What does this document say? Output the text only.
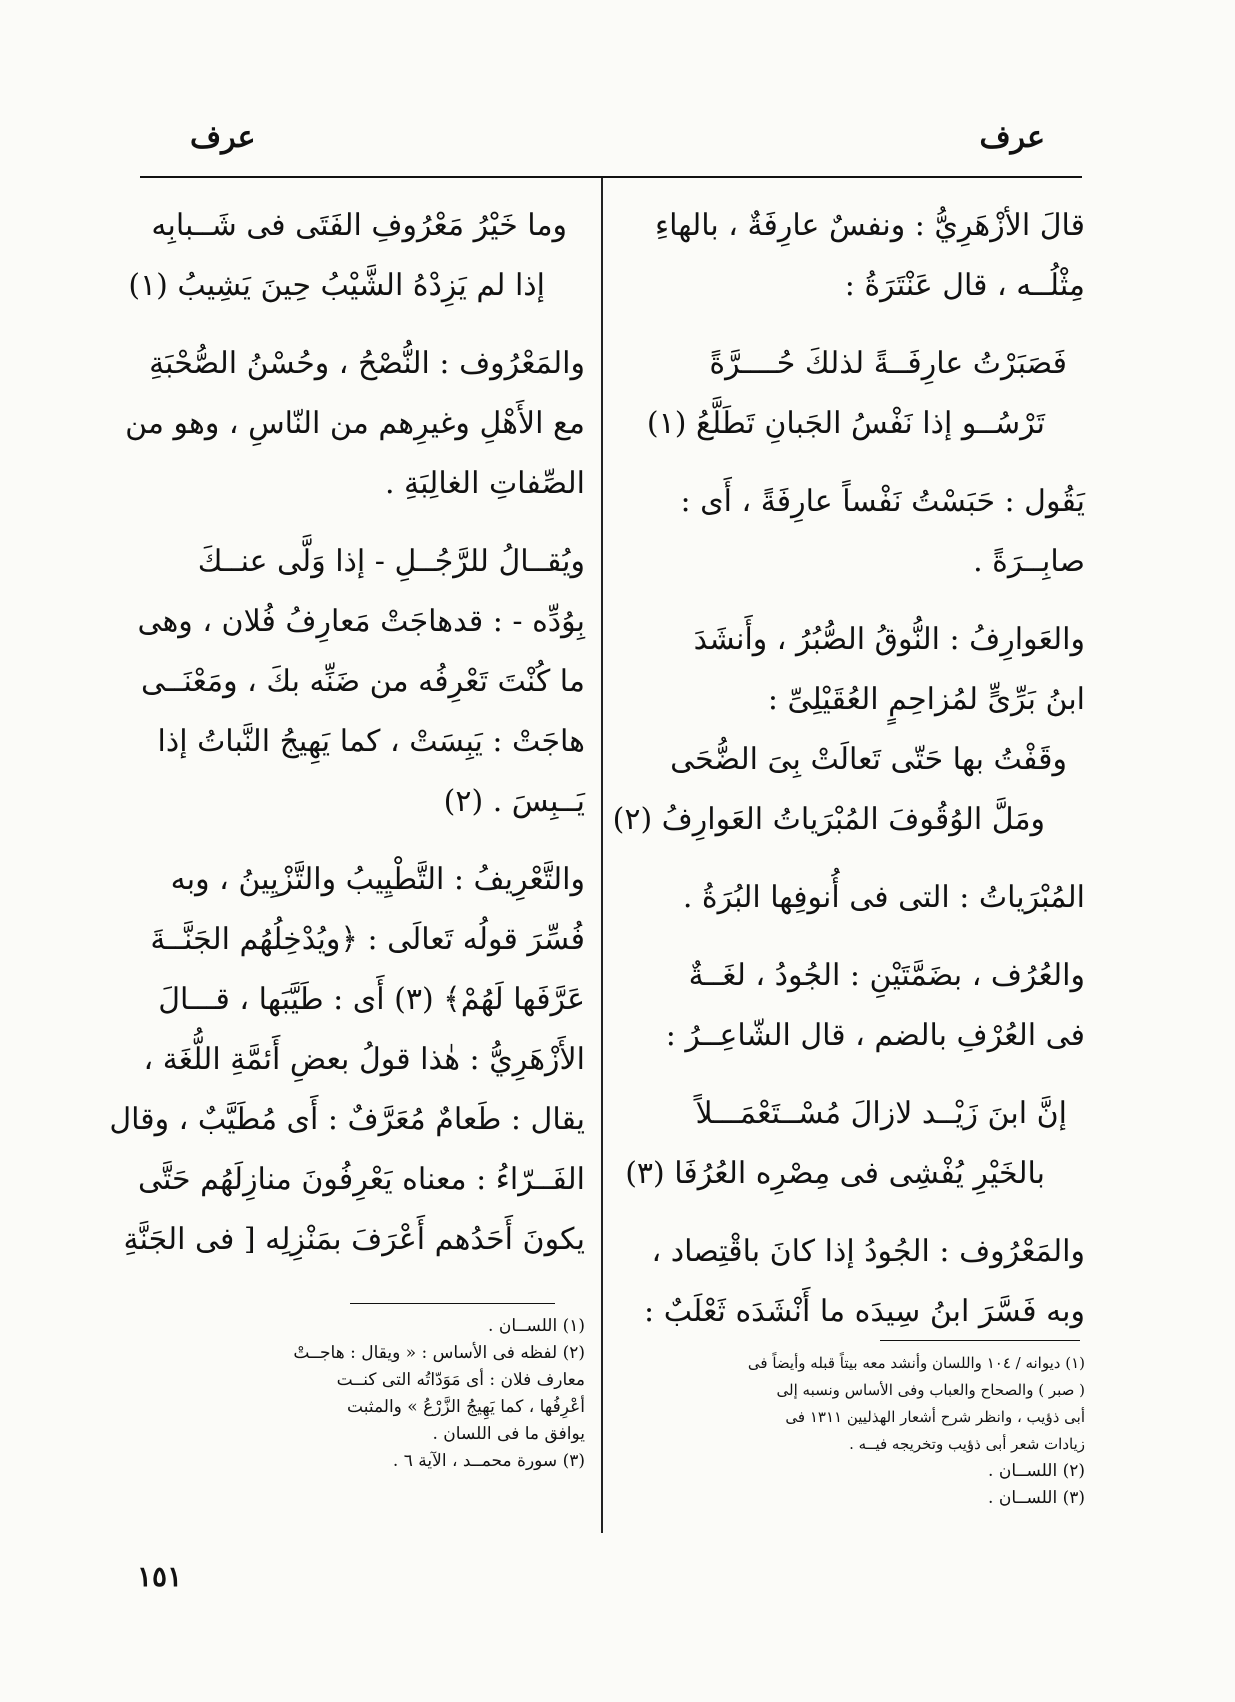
عرف
عرف
قالَ الأزْهَرِيُّ : ونفسٌ عارِفَةٌ ، بالهاءِ
مِثْلُــه ، قال عَنْتَرَةُ :
فَصَبَرْتُ عارِفَــةً لذلكَ حُــــرَّةً
تَرْسُــو إذا نَفْسُ الجَبانِ تَطَلَّعُ (١)
يَقُول : حَبَسْتُ نَفْساً عارِفَةً ، أَى :
صابِــرَةً .
والعَوارِفُ : النُّوقُ الصُّبُرُ ، وأَنشَدَ
ابنُ بَرِّىٍّ لمُزاحِمٍ العُقَيْلِىِّ :
وقَفْتُ بها حَتّى تَعالَتْ بِىَ الضُّحَى
ومَلَّ الوُقُوفَ المُبْرَياتُ العَوارِفُ (٢)
المُبْرَياتُ : التى فى أُنوفِها البُرَةُ .
والعُرُف ، بضَمَّتَيْنِ : الجُودُ ، لغَــةٌ
فى العُرْفِ بالضم ، قال الشّاعِــرُ :
إنَّ ابنَ زَيْــد لازالَ مُسْــتَعْمَـــلاً
بالخَيْرِ يُفْشِى فى مِصْرِه العُرُفَا (٣)
والمَعْرُوف : الجُودُ إذا كانَ باقْتِصاد ،
وبه فَسَّرَ ابنُ سِيدَه ما أَنْشَدَه ثَعْلَبٌ :
وما خَيْرُ مَعْرُوفِ الفَتَى فى شَــبابِه
إذا لم يَزِدْهُ الشَّيْبُ حِينَ يَشِيبُ (١)
والمَعْرُوف : النُّصْحُ ، وحُسْنُ الصُّحْبَةِ
مع الأَهْلِ وغيرِهم من النّاسِ ، وهو من
الصِّفاتِ الغالِبَةِ .
ويُقــالُ للرَّجُــلِ - إذا وَلَّى عنــكَ
بِوُدِّه - : قدهاجَتْ مَعارِفُ فُلان ، وهى
ما كُنْتَ تَعْرِفُه من ضَنِّه بكَ ، ومَعْنَــى
هاجَتْ : يَبِسَتْ ، كما يَهِيجُ النَّباتُ إذا
يَــبِسَ . (٢)
والتَّعْرِيفُ : التَّطْيِيبُ والتَّزْيِينُ ، وبه
فُسِّرَ قولُه تَعالَى : ﴿ويُدْخِلُهُم الجَنَّــةَ
عَرَّفَها لَهُمْ﴾ (٣) أَى : طَيَّبَها ، قـــالَ
الأَزْهَرِيُّ : هٰذا قولُ بعضِ أَئمَّةِ اللُّغَة ،
يقال : طَعامٌ مُعَرَّفٌ : أَى مُطَيَّبٌ ، وقال
الفَــرّاءُ : معناه يَعْرِفُونَ منازِلَهُم حَتَّى
يكونَ أَحَدُهم أَعْرَفَ بمَنْزِلِه [ فى الجَنَّةِ
(١) ديوانه / ١٠٤ واللسان وأنشد معه بيتاً قبله وأيضاً فى
( صبر ) والصحاح والعباب وفى الأساس ونسبه إلى
أبى ذؤيب ، وانظر شرح أشعار الهذليين ١٣١١ فى
زيادات شعر أبى ذؤيب وتخريجه فيــه .
(٢) اللســان .
(٣) اللســان .
(١) اللســان .
(٢) لفظه فى الأساس : « ويقال : هاجــتْ
معارف فلان : أى مَوَدّاتُه التى كنــت
أعْرِفُها ، كما يَهِيجُ الزَّرْعُ » والمثبت
يوافق ما فى اللسان .
(٣) سورة محمــد ، الآية ٦ .
١٥١
